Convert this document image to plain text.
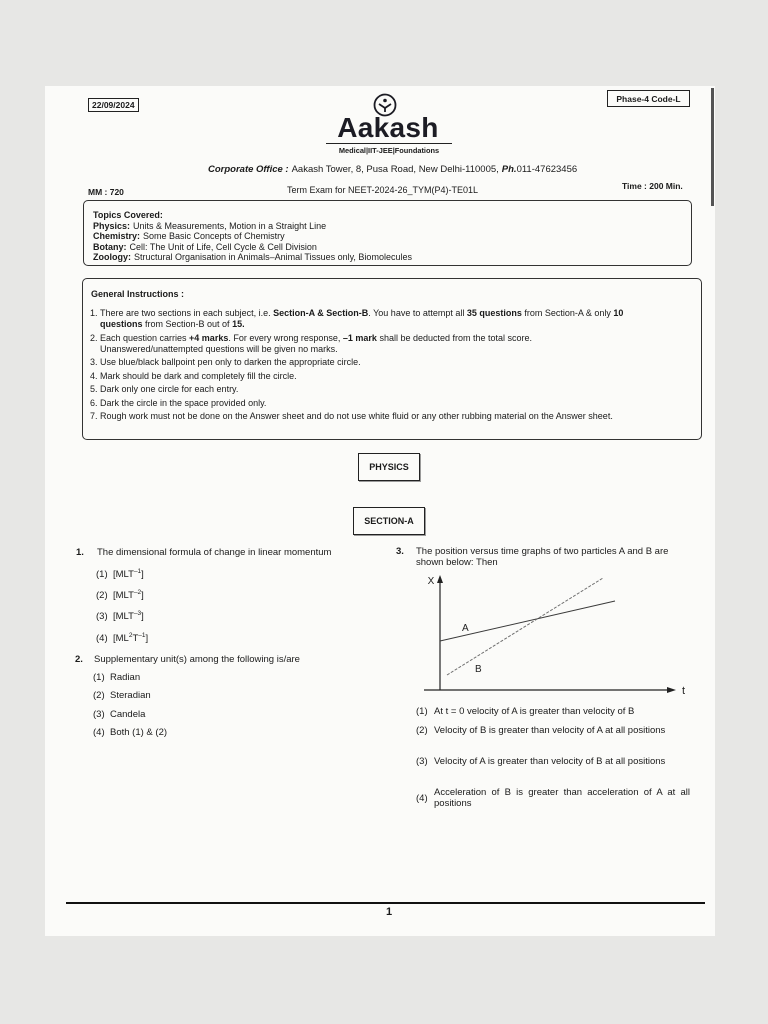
22/09/2024
Phase-4 Code-L
Aakash
Medical|IIT-JEE|Foundations
Corporate Office : Aakash Tower, 8, Pusa Road, New Delhi-110005, Ph.011-47623456
MM : 720	Term Exam for NEET-2024-26_TYM(P4)-TE01L	Time : 200 Min.
Topics Covered:
Physics: Units & Measurements, Motion in a Straight Line
Chemistry: Some Basic Concepts of Chemistry
Botany: Cell: The Unit of Life, Cell Cycle & Cell Division
Zoology: Structural Organisation in Animals–Animal Tissues only, Biomolecules
General Instructions :
1. There are two sections in each subject, i.e. Section-A & Section-B. You have to attempt all 35 questions from Section-A & only 10
questions from Section-B out of 15.
2. Each question carries +4 marks. For every wrong response, –1 mark shall be deducted from the total score.
Unanswered/unattempted questions will be given no marks.
3. Use blue/black ballpoint pen only to darken the appropriate circle.
4. Mark should be dark and completely fill the circle.
5. Dark only one circle for each entry.
6. Dark the circle in the space provided only.
7. Rough work must not be done on the Answer sheet and do not use white fluid or any other rubbing material on the Answer sheet.
PHYSICS
SECTION-A
1. The dimensional formula of change in linear momentum
(1) $[MLT^{-1}]$
(2) $[MLT^{-2}]$
(3) $[MLT^{-3}]$
(4) $[ML^2T^{-1}]$
2. Supplementary unit(s) among the following is/are
(1) Radian
(2) Steradian
(3) Candela
(4) Both (1) & (2)
3. The position versus time graphs of two particles A and B are shown below: Then
X
t
A
B
(1) At t = 0 velocity of A is greater than velocity of B
(2) Velocity of B is greater than velocity of A at all positions
(3) Velocity of A is greater than velocity of B at all positions
(4) Acceleration of B is greater than acceleration of A at all positions
1
